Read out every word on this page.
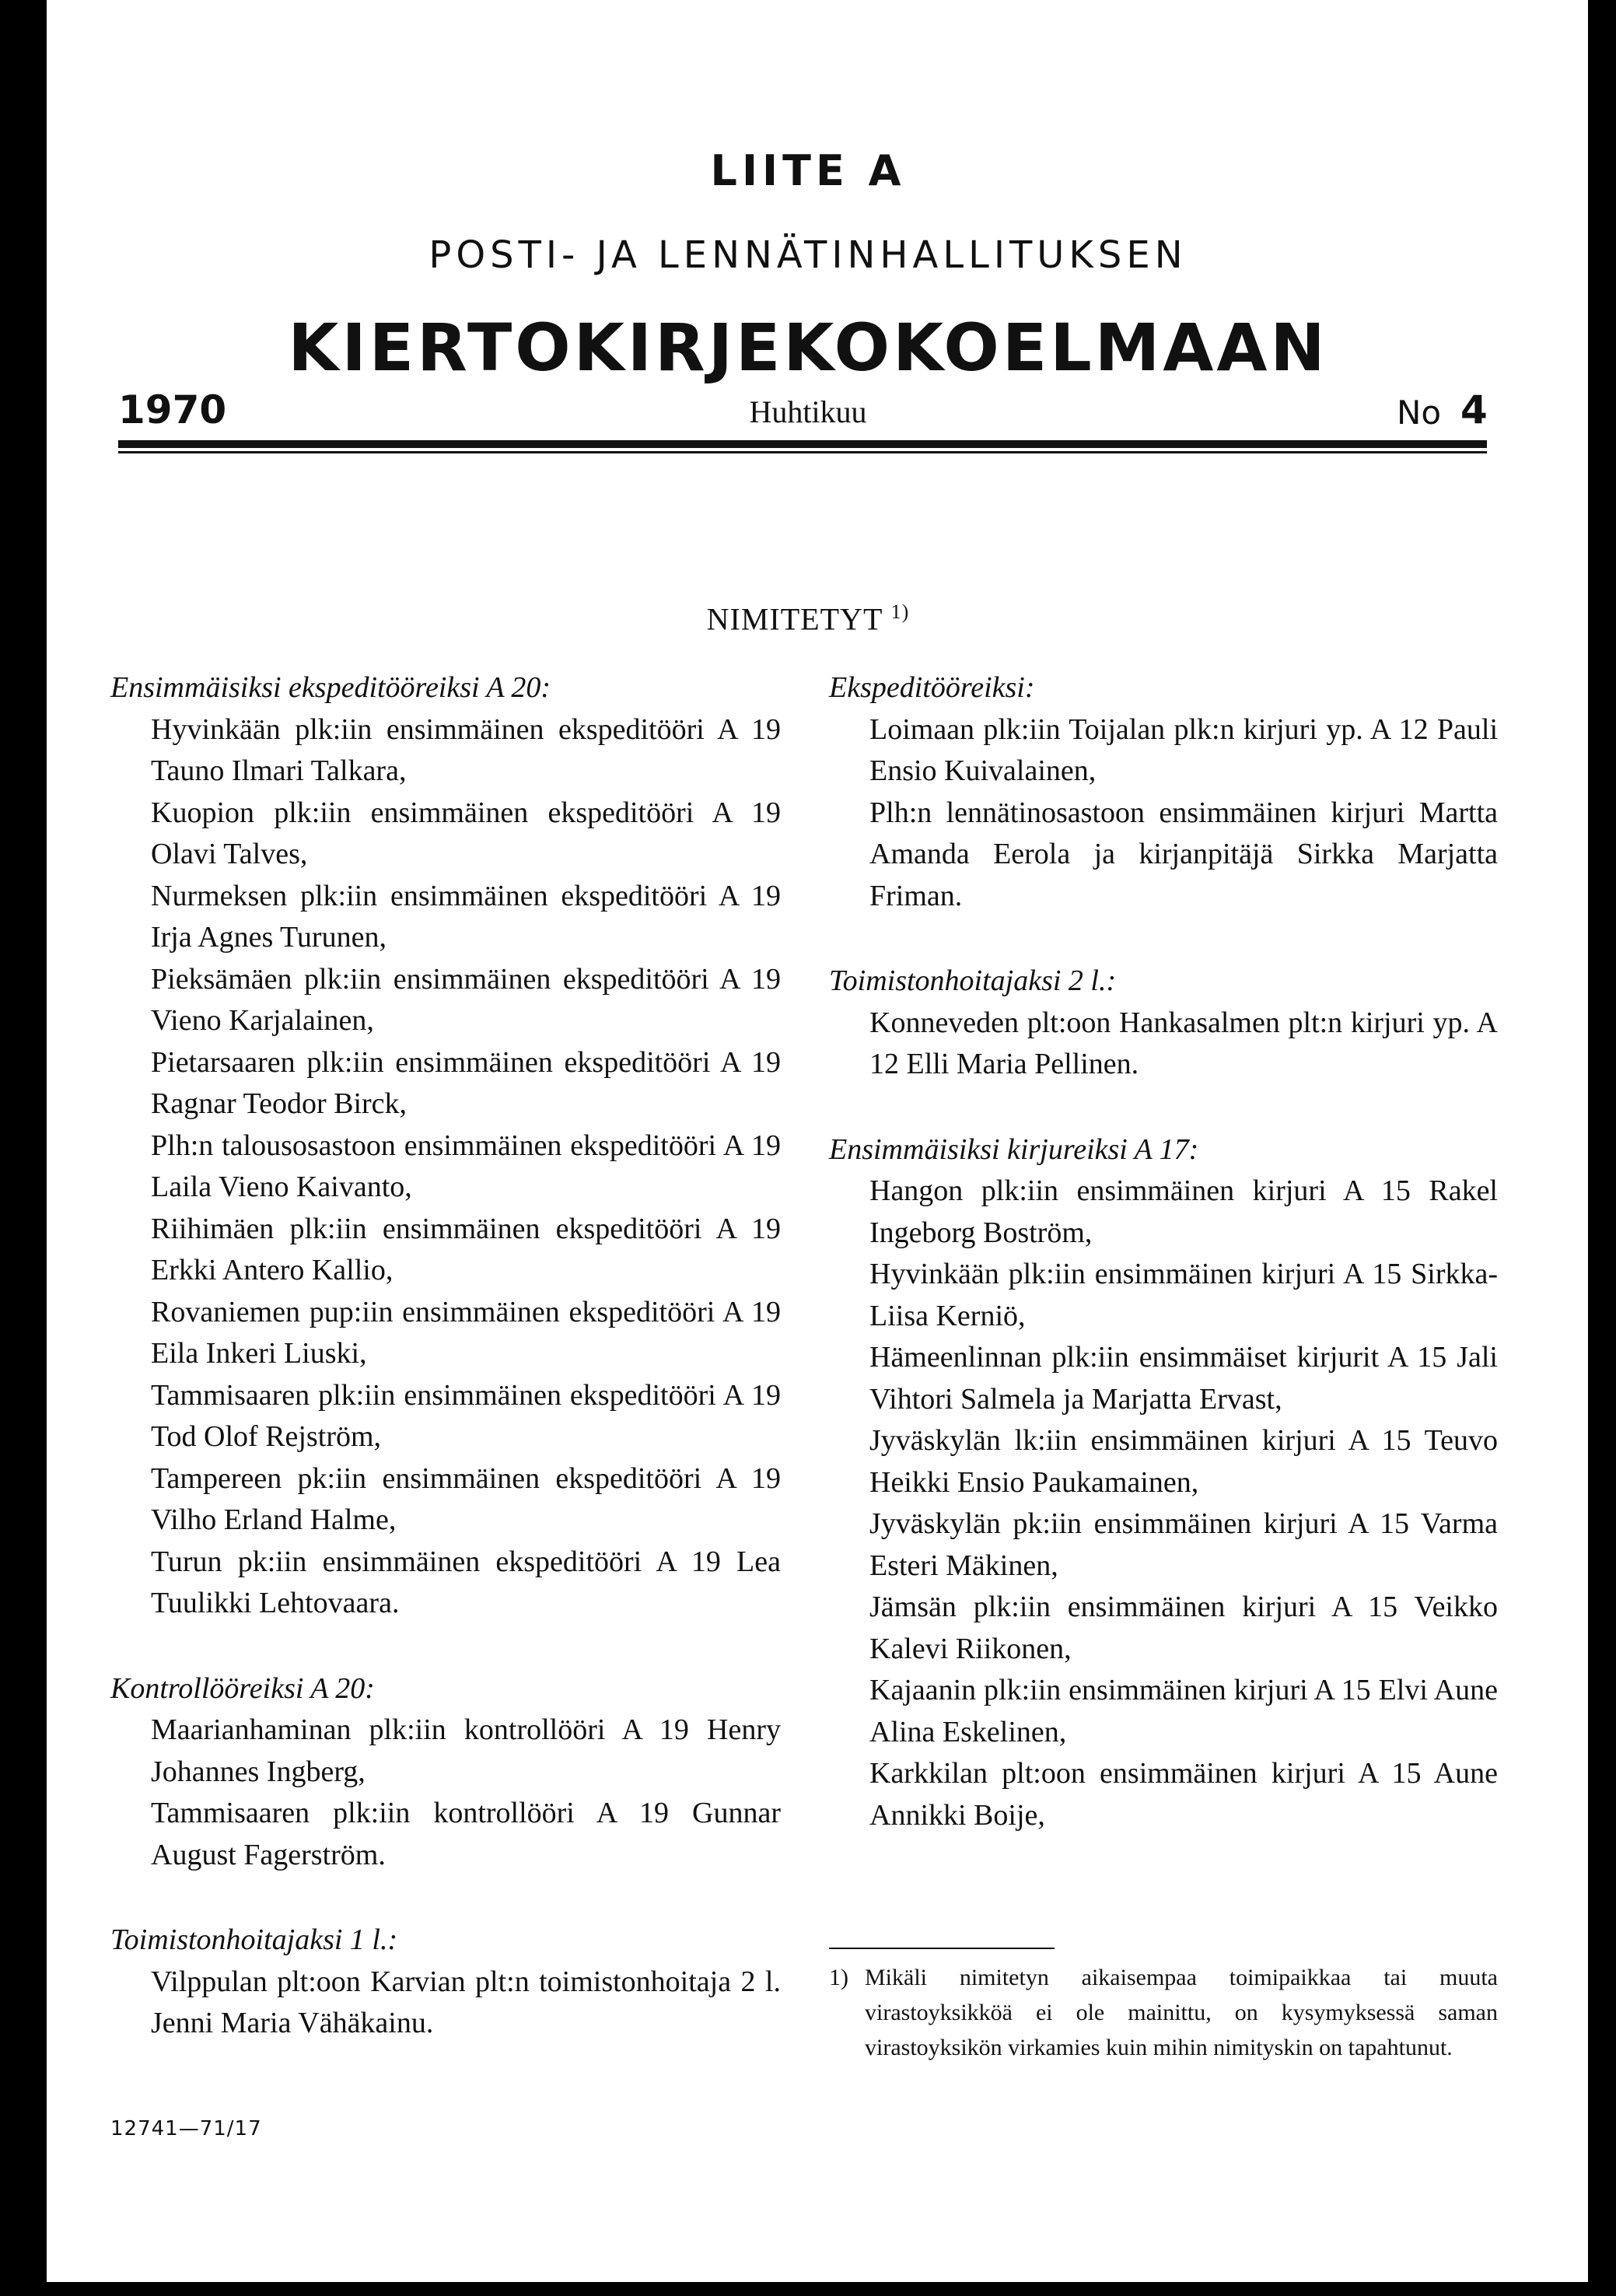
LIITE A
POSTI- JA LENNÄTINHALLITUKSEN
KIERTOKIRJEKOKOELMAAN
1970	Huhtikuu	No 4
NIMITETYT $^{1)}$

Ensimmäisiksi ekspeditööreiksi A 20:

Hyvinkään plk:iin ensimmäinen ekspeditööri A 19 Tauno Ilmari Talkara,

Kuopion plk:iin ensimmäinen ekspeditööri A 19 Olavi Talves,

Nurmeksen plk:iin ensimmäinen ekspeditööri A 19 Irja Agnes Turunen,

Pieksämäen plk:iin ensimmäinen ekspeditööri A 19 Vieno Karjalainen,

Pietarsaaren plk:iin ensimmäinen ekspeditööri A 19 Ragnar Teodor Birck,

Plh:n talousosastoon ensimmäinen ekspeditööri A 19 Laila Vieno Kaivanto,

Riihimäen plk:iin ensimmäinen ekspeditööri A 19 Erkki Antero Kallio,

Rovaniemen pup:iin ensimmäinen ekspeditööri A 19 Eila Inkeri Liuski,

Tammisaaren plk:iin ensimmäinen ekspeditööri A 19 Tod Olof Rejström,

Tampereen pk:iin ensimmäinen ekspeditööri A 19 Vilho Erland Halme,

Turun pk:iin ensimmäinen ekspeditööri A 19 Lea Tuulikki Lehtovaara.

Kontrollööreiksi A 20:

Maarianhaminan plk:iin kontrollööri A 19 Henry Johannes Ingberg,

Tammisaaren plk:iin kontrollööri A 19 Gunnar August Fagerström.

Toimistonhoitajaksi 1 l.:

Vilppulan plt:oon Karvian plt:n toimistonhoitaja 2 l. Jenni Maria Vähäkainu.

Ekspeditööreiksi:

Loimaan plk:iin Toijalan plk:n kirjuri yp. A 12 Pauli Ensio Kuivalainen,

Plh:n lennätinosastoon ensimmäinen kirjuri Martta Amanda Eerola ja kirjanpitäjä Sirkka Marjatta Friman.

Toimistonhoitajaksi 2 l.:

Konneveden plt:oon Hankasalmen plt:n kirjuri yp. A 12 Elli Maria Pellinen.

Ensimmäisiksi kirjureiksi A 17:

Hangon plk:iin ensimmäinen kirjuri A 15 Rakel Ingeborg Boström,

Hyvinkään plk:iin ensimmäinen kirjuri A 15 Sirkka-Liisa Kerniö,

Hämeenlinnan plk:iin ensimmäiset kirjurit A 15 Jali Vihtori Salmela ja Marjatta Ervast,

Jyväskylän lk:iin ensimmäinen kirjuri A 15 Teuvo Heikki Ensio Paukamainen,

Jyväskylän pk:iin ensimmäinen kirjuri A 15 Varma Esteri Mäkinen,

Jämsän plk:iin ensimmäinen kirjuri A 15 Veikko Kalevi Riikonen,

Kajaanin plk:iin ensimmäinen kirjuri A 15 Elvi Aune Alina Eskelinen,

Karkkilan plt:oon ensimmäinen kirjuri A 15 Aune Annikki Boije,

1) Mikäli nimitetyn aikaisempaa toimipaikkaa tai muuta virastoyksikköä ei ole mainittu, on kysymyksessä saman virastoyksikön virkamies kuin mihin nimityskin on tapahtunut.
12741—71/17
